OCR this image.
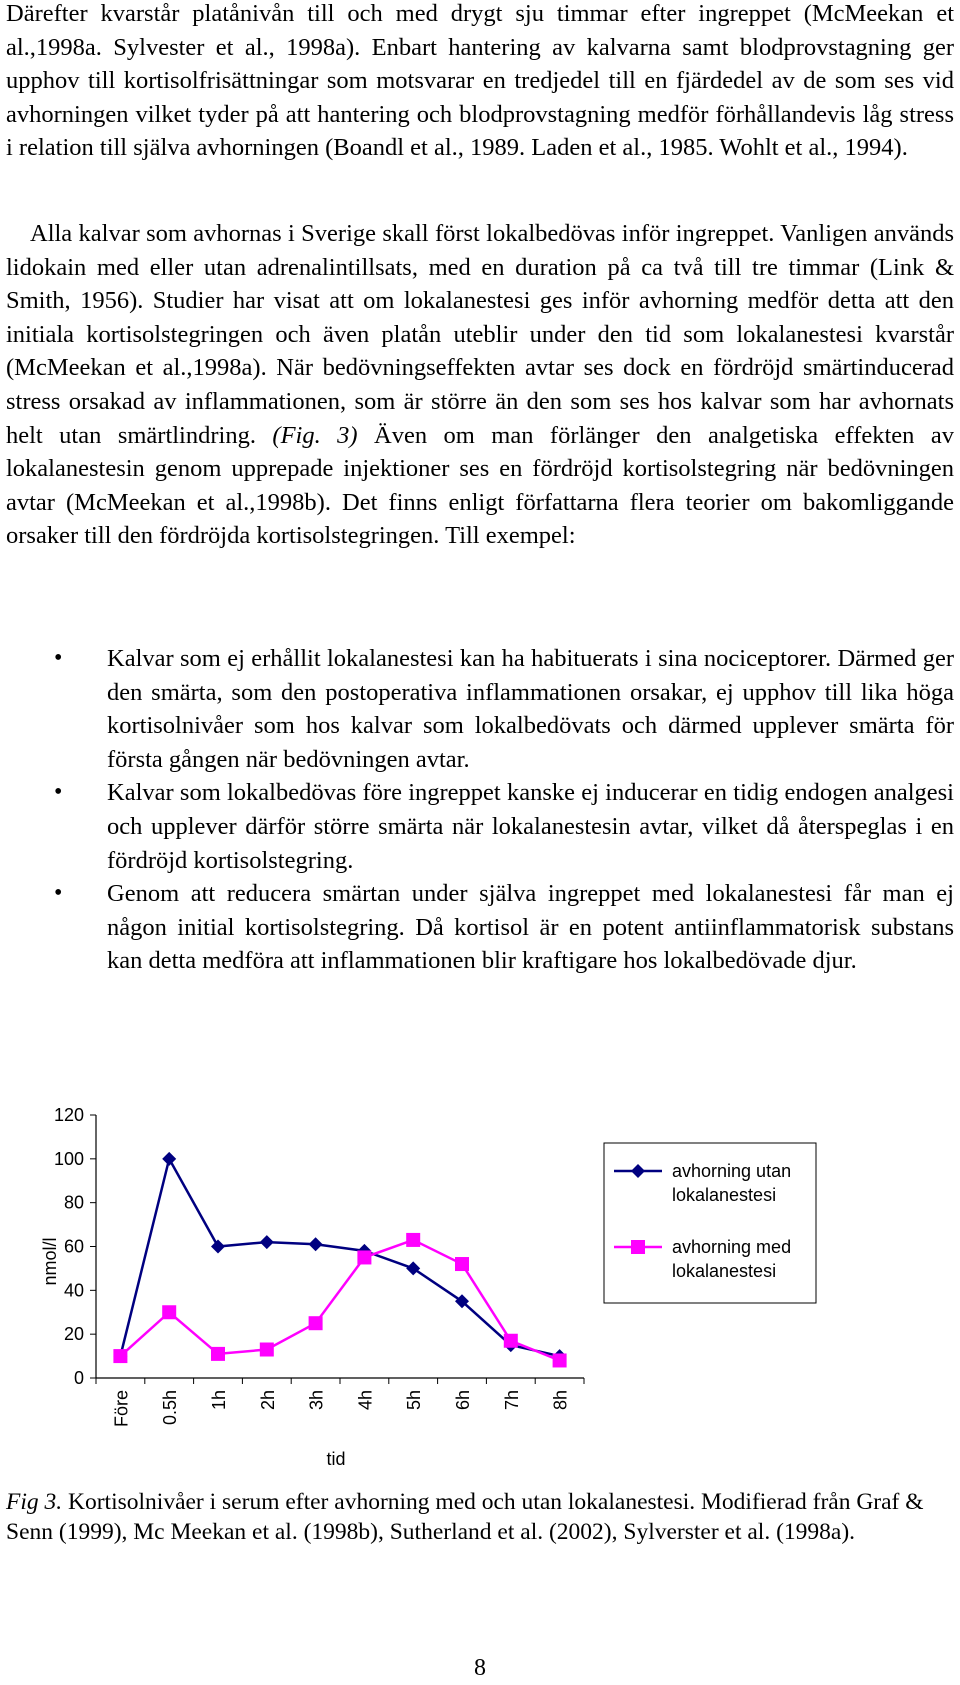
Därefter kvarstår platånivån till och med drygt sju timmar efter ingreppet (McMeekan et al.,1998a. Sylvester et al., 1998a). Enbart hantering av kalvarna samt blodprovstagning ger upphov till kortisolfrisättningar som motsvarar en tredjedel till en fjärdedel av de som ses vid avhorningen vilket tyder på att hantering och blodprovstagning medför förhållandevis låg stress i relation till själva avhorningen (Boandl et al., 1989. Laden et al., 1985. Wohlt et al., 1994).

Alla kalvar som avhornas i Sverige skall först lokalbedövas inför ingreppet. Vanligen används lidokain med eller utan adrenalintillsats, med en duration på ca två till tre timmar (Link & Smith, 1956). Studier har visat att om lokalanestesi ges inför avhorning medför detta att den initiala kortisolstegringen och även platån uteblir under den tid som lokalanestesi kvarstår (McMeekan et al.,1998a). När bedövningseffekten avtar ses dock en fördröjd smärtinducerad stress orsakad av inflammationen, som är större än den som ses hos kalvar som har avhornats helt utan smärtlindring. (Fig. 3) Även om man förlänger den analgetiska effekten av lokalanestesin genom upprepade injektioner ses en fördröjd kortisolstegring när bedövningen avtar (McMeekan et al.,1998b). Det finns enligt författarna flera teorier om bakomliggande orsaker till den fördröjda kortisolstegringen. Till exempel:

• Kalvar som ej erhållit lokalanestesi kan ha habituerats i sina nociceptorer. Därmed ger den smärta, som den postoperativa inflammationen orsakar, ej upphov till lika höga kortisolnivåer som hos kalvar som lokalbedövats och därmed upplever smärta för första gången när bedövningen avtar.
• Kalvar som lokalbedövas före ingreppet kanske ej inducerar en tidig endogen analgesi och upplever därför större smärta när lokalanestesin avtar, vilket då återspeglas i en fördröjd kortisolstegring.
• Genom att reducera smärtan under själva ingreppet med lokalanestesi får man ej någon initial kortisolstegring. Då kortisol är en potent antiinflammatorisk substans kan detta medföra att inflammationen blir kraftigare hos lokalbedövade djur.
0
20
40
60
80
100
120
Före 0.5h 1h 2h 3h 4h 5h 6h 7h 8h
nmol/l
tid
avhorning utan
lokalanestesi
avhorning med
lokalanestesi

Fig 3. Kortisolnivåer i serum efter avhorning med och utan lokalanestesi. Modifierad från Graf & Senn (1999), Mc Meekan et al. (1998b), Sutherland et al. (2002), Sylverster et al. (1998a).

8
